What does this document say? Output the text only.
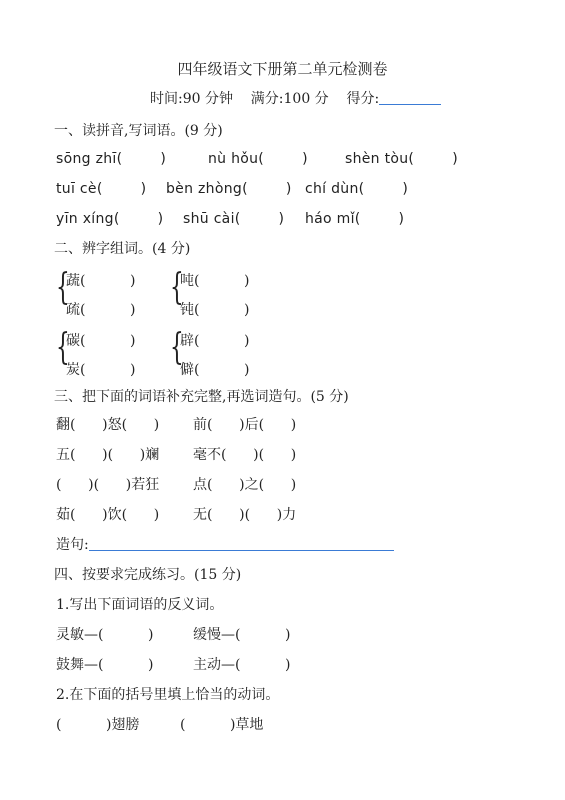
四年级语文下册第二单元检测卷
时间:90 分钟 满分:100 分 得分:
一、读拼音,写词语。(9 分)
sōng zhī(        )	nù hǒu(        )	shèn tòu(        )
tuī cè(        ) bèn zhòng(        ) chí dùn(        )
yīn xíng(        ) shū cài(        ) háo mǐ(        )
二、辨字组词。(4 分)
{
蔬(          )
疏(          )
{
吨(          )
钝(          )
{
碳(          )
炭(          )
{
辟(          )
僻(          )
三、把下面的词语补充完整,再选词造句。(5 分)
翻(      )怒(      ) 前(      )后(      )
五(      )(      )斓 毫不(      )(      )
(      )(      )若狂 点(      )之(      )
茹(      )饮(      ) 无(      )(      )力
造句:
四、按要求完成练习。(15 分)
1.写出下面词语的反义词。
灵敏—(          )	缓慢—(          )
鼓舞—(          )	主动—(          )
2.在下面的括号里填上恰当的动词。
(          )翅膀	(          )草地
